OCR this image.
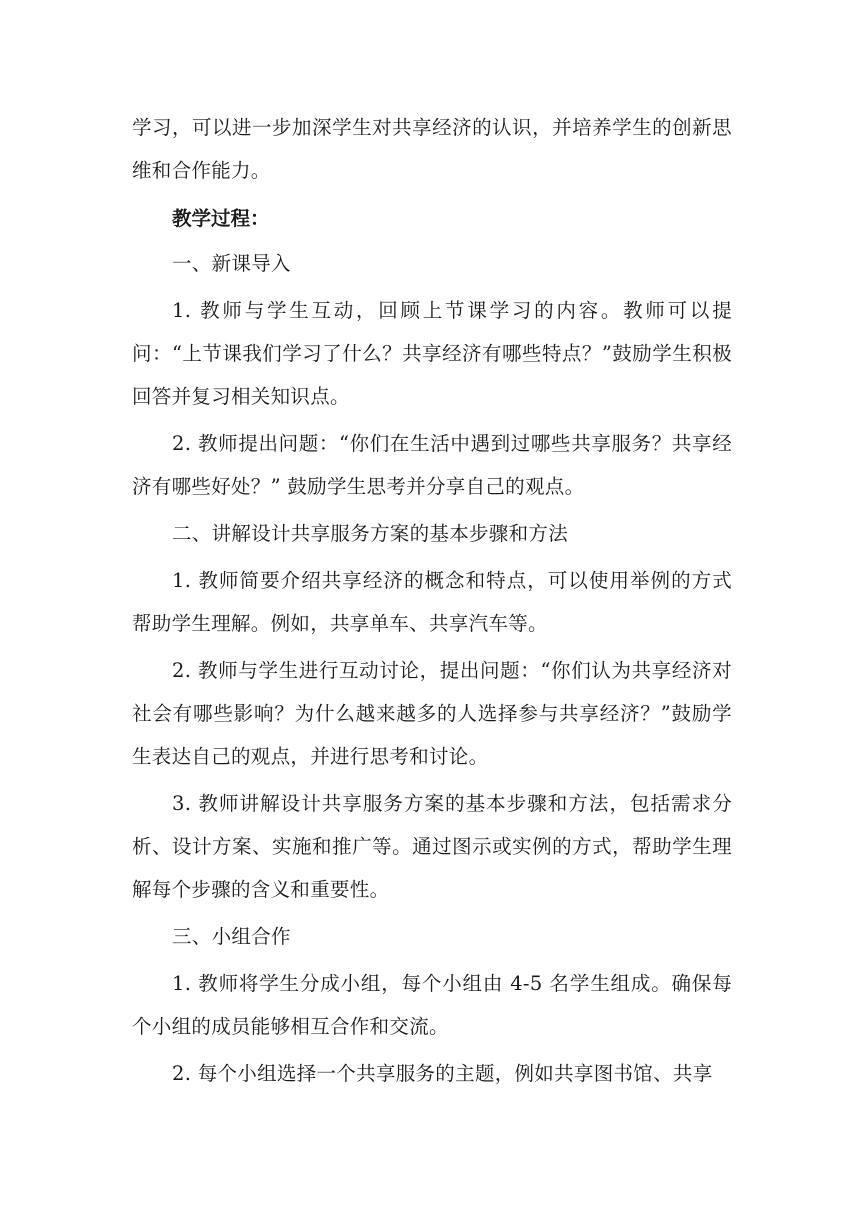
学习，可以进一步加深学生对共享经济的认识，并培养学生的创新思维和合作能力。

教学过程：

一、新课导入

1. 教师与学生互动，回顾上节课学习的内容。教师可以提问：“上节课我们学习了什么？共享经济有哪些特点？”鼓励学生积极回答并复习相关知识点。

2. 教师提出问题：“你们在生活中遇到过哪些共享服务？共享经济有哪些好处？” 鼓励学生思考并分享自己的观点。

二、讲解设计共享服务方案的基本步骤和方法

1. 教师简要介绍共享经济的概念和特点，可以使用举例的方式帮助学生理解。例如，共享单车、共享汽车等。

2. 教师与学生进行互动讨论，提出问题：“你们认为共享经济对社会有哪些影响？为什么越来越多的人选择参与共享经济？”鼓励学生表达自己的观点，并进行思考和讨论。

3. 教师讲解设计共享服务方案的基本步骤和方法，包括需求分析、设计方案、实施和推广等。通过图示或实例的方式，帮助学生理解每个步骤的含义和重要性。

三、小组合作

1. 教师将学生分成小组，每个小组由 4-5 名学生组成。确保每个小组的成员能够相互合作和交流。

2. 每个小组选择一个共享服务的主题，例如共享图书馆、共享
